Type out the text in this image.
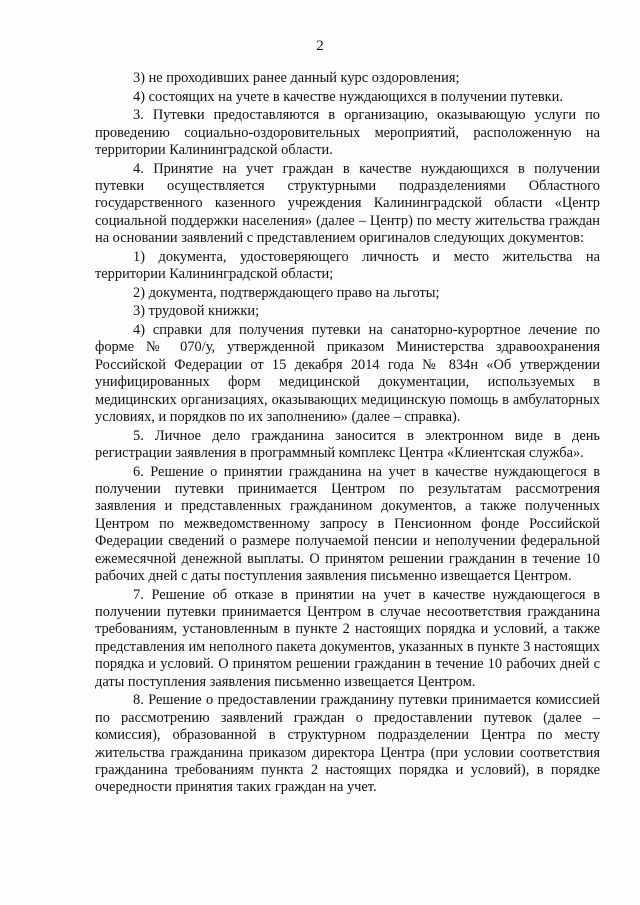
2

3) не проходивших ранее данный курс оздоровления;

4) состоящих на учете в качестве нуждающихся в получении путевки.

3. Путевки предоставляются в организацию, оказывающую услуги по проведению социально-оздоровительных мероприятий, расположенную на территории Калининградской области.

4. Принятие на учет граждан в качестве нуждающихся в получении путевки осуществляется структурными подразделениями Областного государственного казенного учреждения Калининградской области «Центр социальной поддержки населения» (далее – Центр) по месту жительства граждан на основании заявлений с представлением оригиналов следующих документов:

1) документа, удостоверяющего личность и место жительства на территории Калининградской области;

2) документа, подтверждающего право на льготы;

3) трудовой книжки;

4) справки для получения путевки на санаторно-курортное лечение по форме № 070/у, утвержденной приказом Министерства здравоохранения Российской Федерации от 15 декабря 2014 года № 834н «Об утверждении унифицированных форм медицинской документации, используемых в медицинских организациях, оказывающих медицинскую помощь в амбулаторных условиях, и порядков по их заполнению» (далее – справка).

5. Личное дело гражданина заносится в электронном виде в день регистрации заявления в программный комплекс Центра «Клиентская служба».

6. Решение о принятии гражданина на учет в качестве нуждающегося в получении путевки принимается Центром по результатам рассмотрения заявления и представленных гражданином документов, а также полученных Центром по межведомственному запросу в Пенсионном фонде Российской Федерации сведений о размере получаемой пенсии и неполучении федеральной ежемесячной денежной выплаты. О принятом решении гражданин в течение 10 рабочих дней с даты поступления заявления письменно извещается Центром.

7. Решение об отказе в принятии на учет в качестве нуждающегося в получении путевки принимается Центром в случае несоответствия гражданина требованиям, установленным в пункте 2 настоящих порядка и условий, а также представления им неполного пакета документов, указанных в пункте 3 настоящих порядка и условий. О принятом решении гражданин в течение 10 рабочих дней с даты поступления заявления письменно извещается Центром.

8. Решение о предоставлении гражданину путевки принимается комиссией по рассмотрению заявлений граждан о предоставлении путевок (далее – комиссия), образованной в структурном подразделении Центра по месту жительства гражданина приказом директора Центра (при условии соответствия гражданина требованиям пункта 2 настоящих порядка и условий), в порядке очередности принятия таких граждан на учет.
